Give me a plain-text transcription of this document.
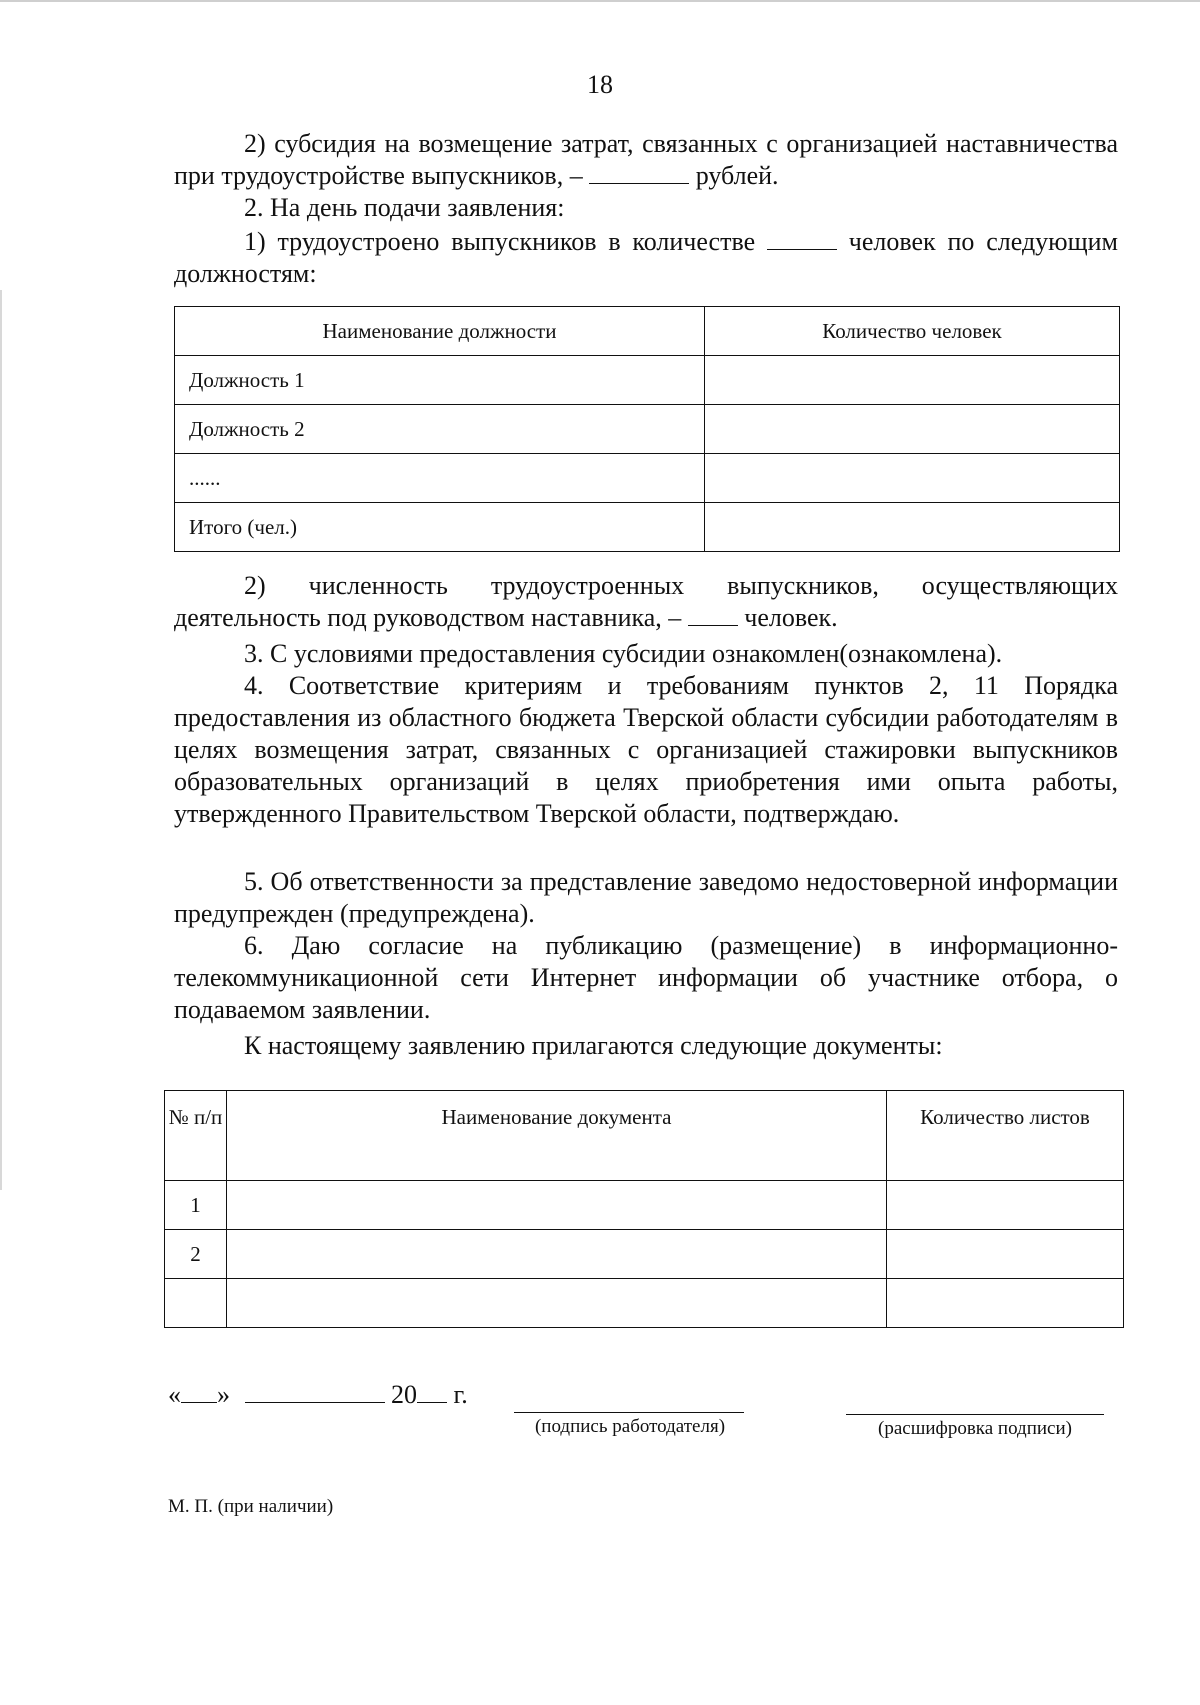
18
2) субсидия на возмещение затрат, связанных с организацией наставничества при трудоустройстве выпускников, –	рублей.
2. На день подачи заявления:
1) трудоустроено выпускников в количестве	человек по следующим должностям:
Наименование должности	Количество человек
Должность 1	
Должность 2	
......	
Итого (чел.)	
2) численность трудоустроенных выпускников, осуществляющих деятельность под руководством наставника, – человек.
3. С условиями предоставления субсидии ознакомлен(ознакомлена).
4. Соответствие критериям и требованиям пунктов 2, 11 Порядка предоставления из областного бюджета Тверской области субсидии работодателям в целях возмещения затрат, связанных с организацией стажировки выпускников образовательных организаций в целях приобретения ими опыта работы, утвержденного Правительством Тверской области, подтверждаю.
5. Об ответственности за представление заведомо недостоверной информации предупрежден (предупреждена).
6. Даю согласие на публикацию (размещение) в информационно-телекоммуникационной сети Интернет информации об участнике отбора, о подаваемом заявлении.
К настоящему заявлению прилагаются следующие документы:
№ п/п	Наименование документа	Количество листов
1		
2		

« »	20 г.
(подпись работодателя)	(расшифровка подписи)
М. П. (при наличии)
